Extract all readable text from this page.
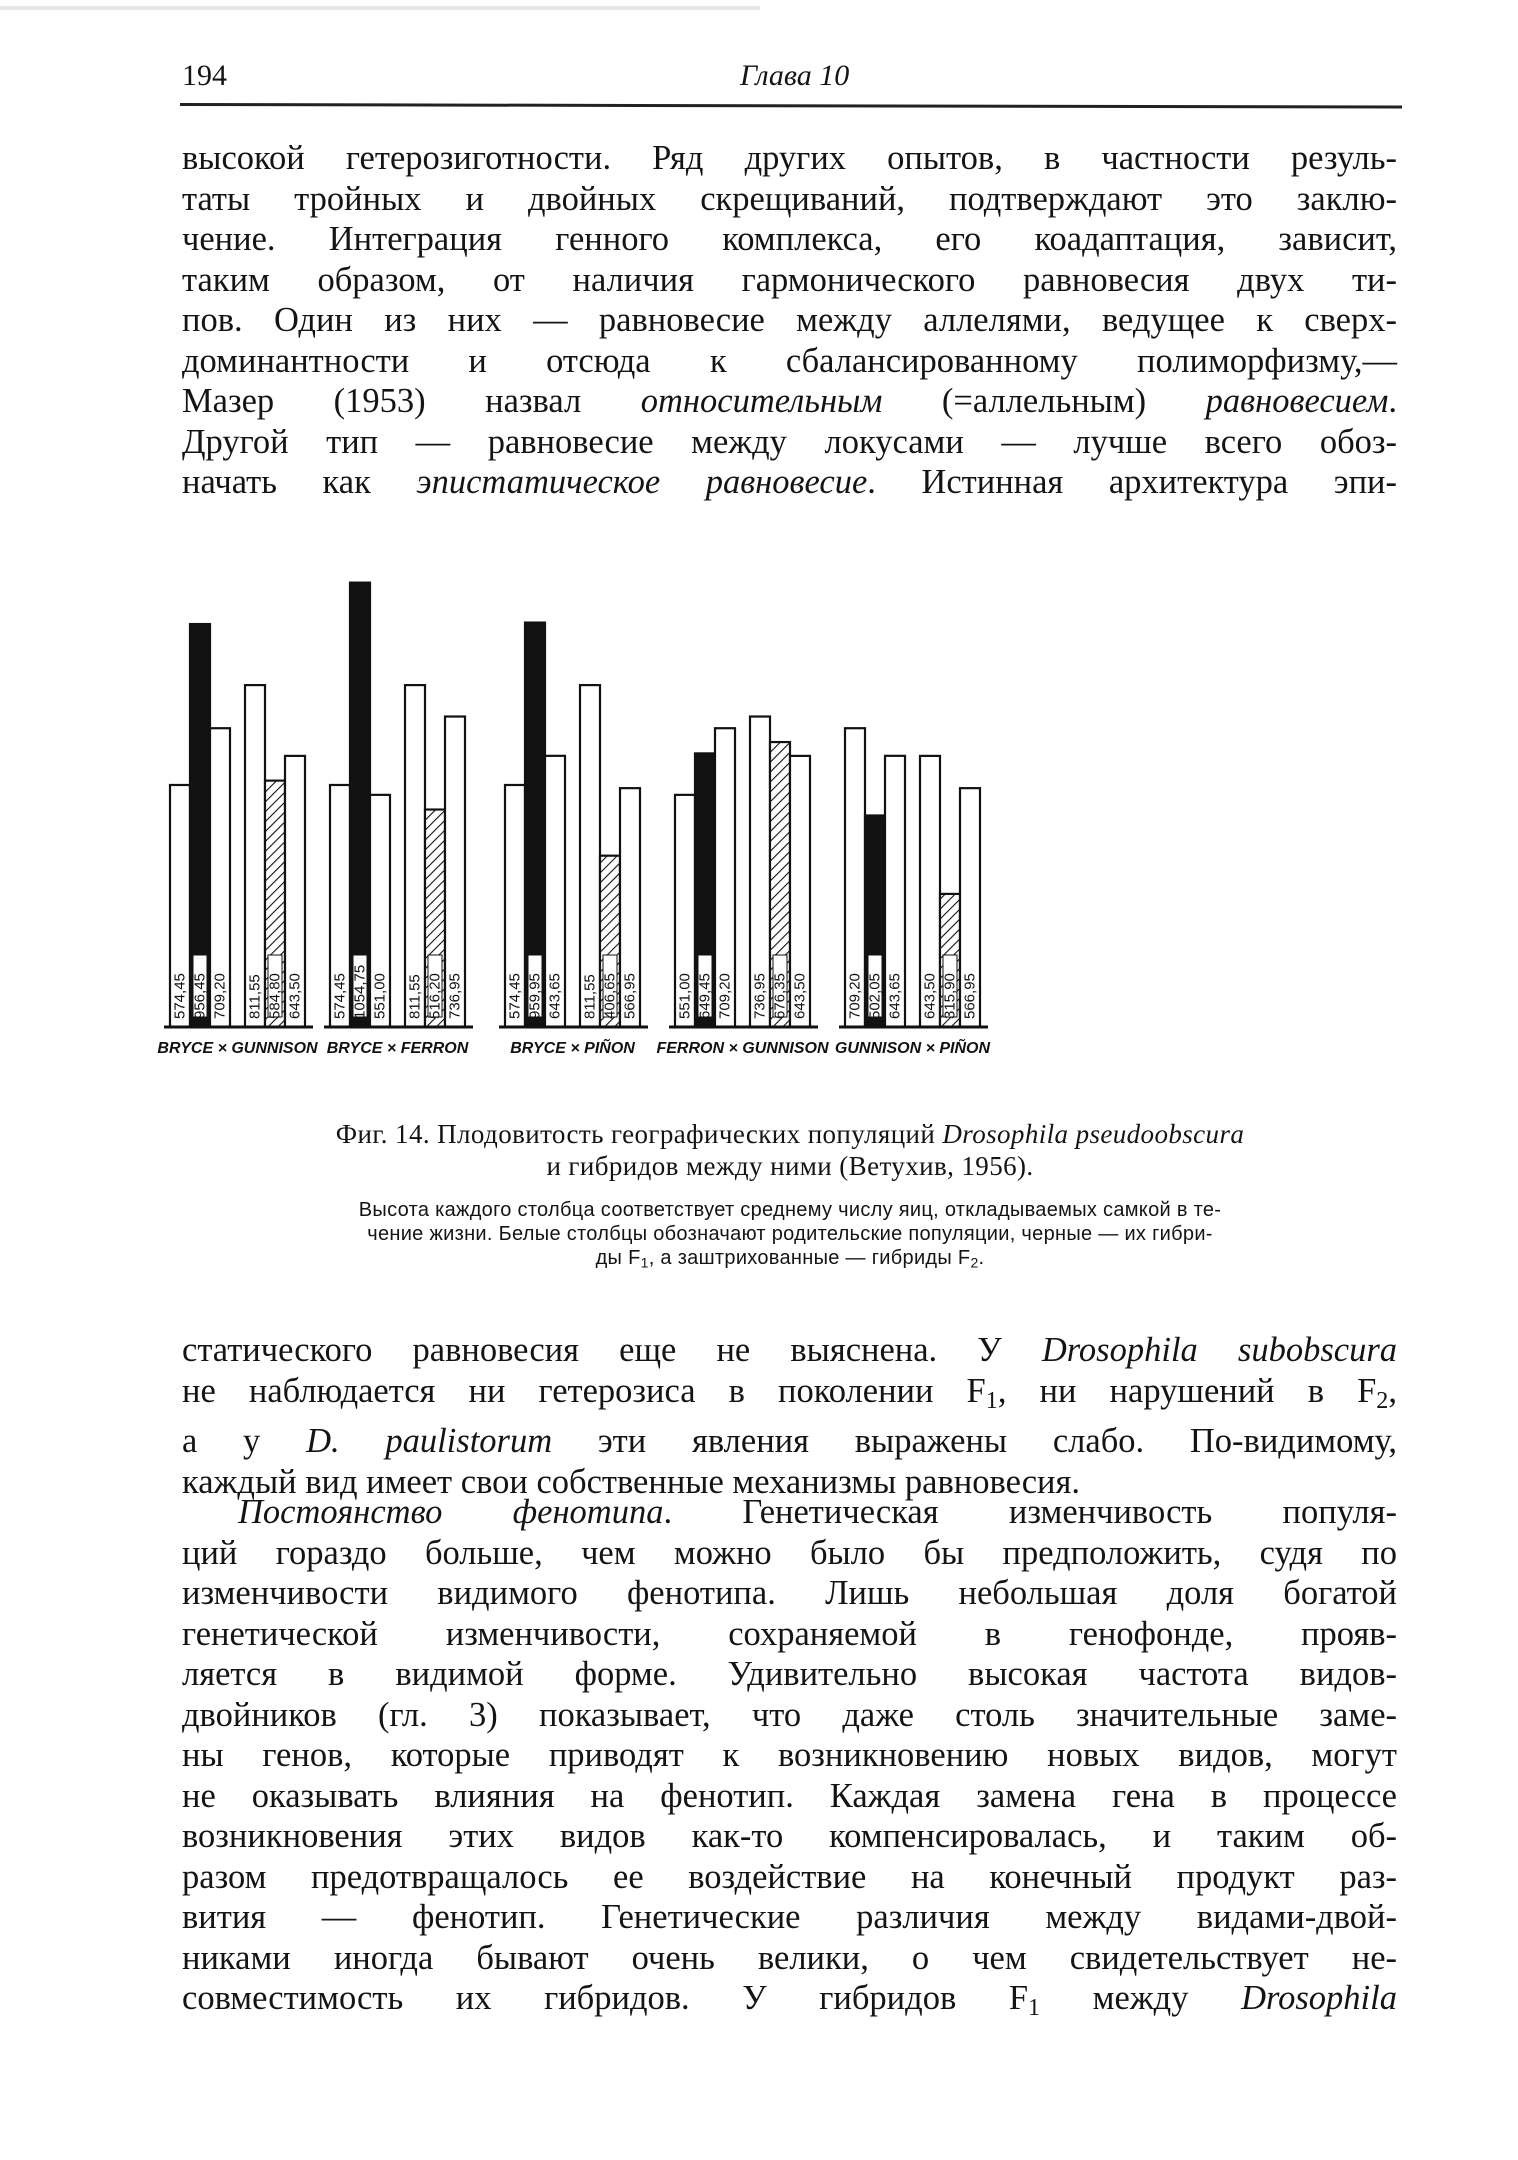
194	Глава 10
высокой гетерозиготности. Ряд других опытов, в частности резуль-
таты тройных и двойных скрещиваний, подтверждают это заклю-
чение. Интеграция генного комплекса, его коадаптация, зависит,
таким образом, от наличия гармонического равновесия двух ти-
пов. Один из них — равновесие между аллелями, ведущее к сверх-
доминантности и отсюда к сбалансированному полиморфизму,—
Мазер (1953) назвал относительным (=аллельным) равновесием.
Другой тип — равновесие между локусами — лучше всего обоз-
начать как эпистатическое равновесие. Истинная архитектура эпи-
574,45 956,45 709,20 811,55 584,80 643,50 574,45 1054,75 551,00 811,55 516,20 736,95	574,45 959,95 643,65 811,55 406,65 566,95	551,00 649,45 709,20 736,95 676,35 643,50	709,20 502,05 643,65 643,50 315,90 566,95
BRYCE × GUNNISON BRYCE × FERRON	BRYCE × PIÑON FERRON × GUNNISON GUNNISON × PIÑON
Фиг. 14. Плодовитость географических популяций Drosophila pseudoobscura
и гибридов между ними (Ветухив, 1956).
Высота каждого столбца соответствует среднему числу яиц, откладываемых самкой в те-
чение жизни. Белые столбцы обозначают родительские популяции, черные — их гибри-
ды $F_1$, а заштрихованные — гибриды $F_2$.
статического равновесия еще не выяснена. У Drosophila subobscura
не наблюдается ни гетерозиса в поколении $F_1$, ни нарушений в $F_2$,
а у D. paulistorum эти явления выражены слабо. По-видимому,
каждый вид имеет свои собственные механизмы равновесия.
Постоянство фенотипа. Генетическая изменчивость популя-
ций гораздо больше, чем можно было бы предположить, судя по
изменчивости видимого фенотипа. Лишь небольшая доля богатой
генетической изменчивости, сохраняемой в генофонде, прояв-
ляется в видимой форме. Удивительно высокая частота видов-
двойников (гл. 3) показывает, что даже столь значительные заме-
ны генов, которые приводят к возникновению новых видов, могут
не оказывать влияния на фенотип. Каждая замена гена в процессе
возникновения этих видов как-то компенсировалась, и таким об-
разом предотвращалось ее воздействие на конечный продукт раз-
вития — фенотип. Генетические различия между видами-двой-
никами иногда бывают очень велики, о чем свидетельствует не-
совместимость их гибридов. У гибридов $F_1$ между Drosophila
